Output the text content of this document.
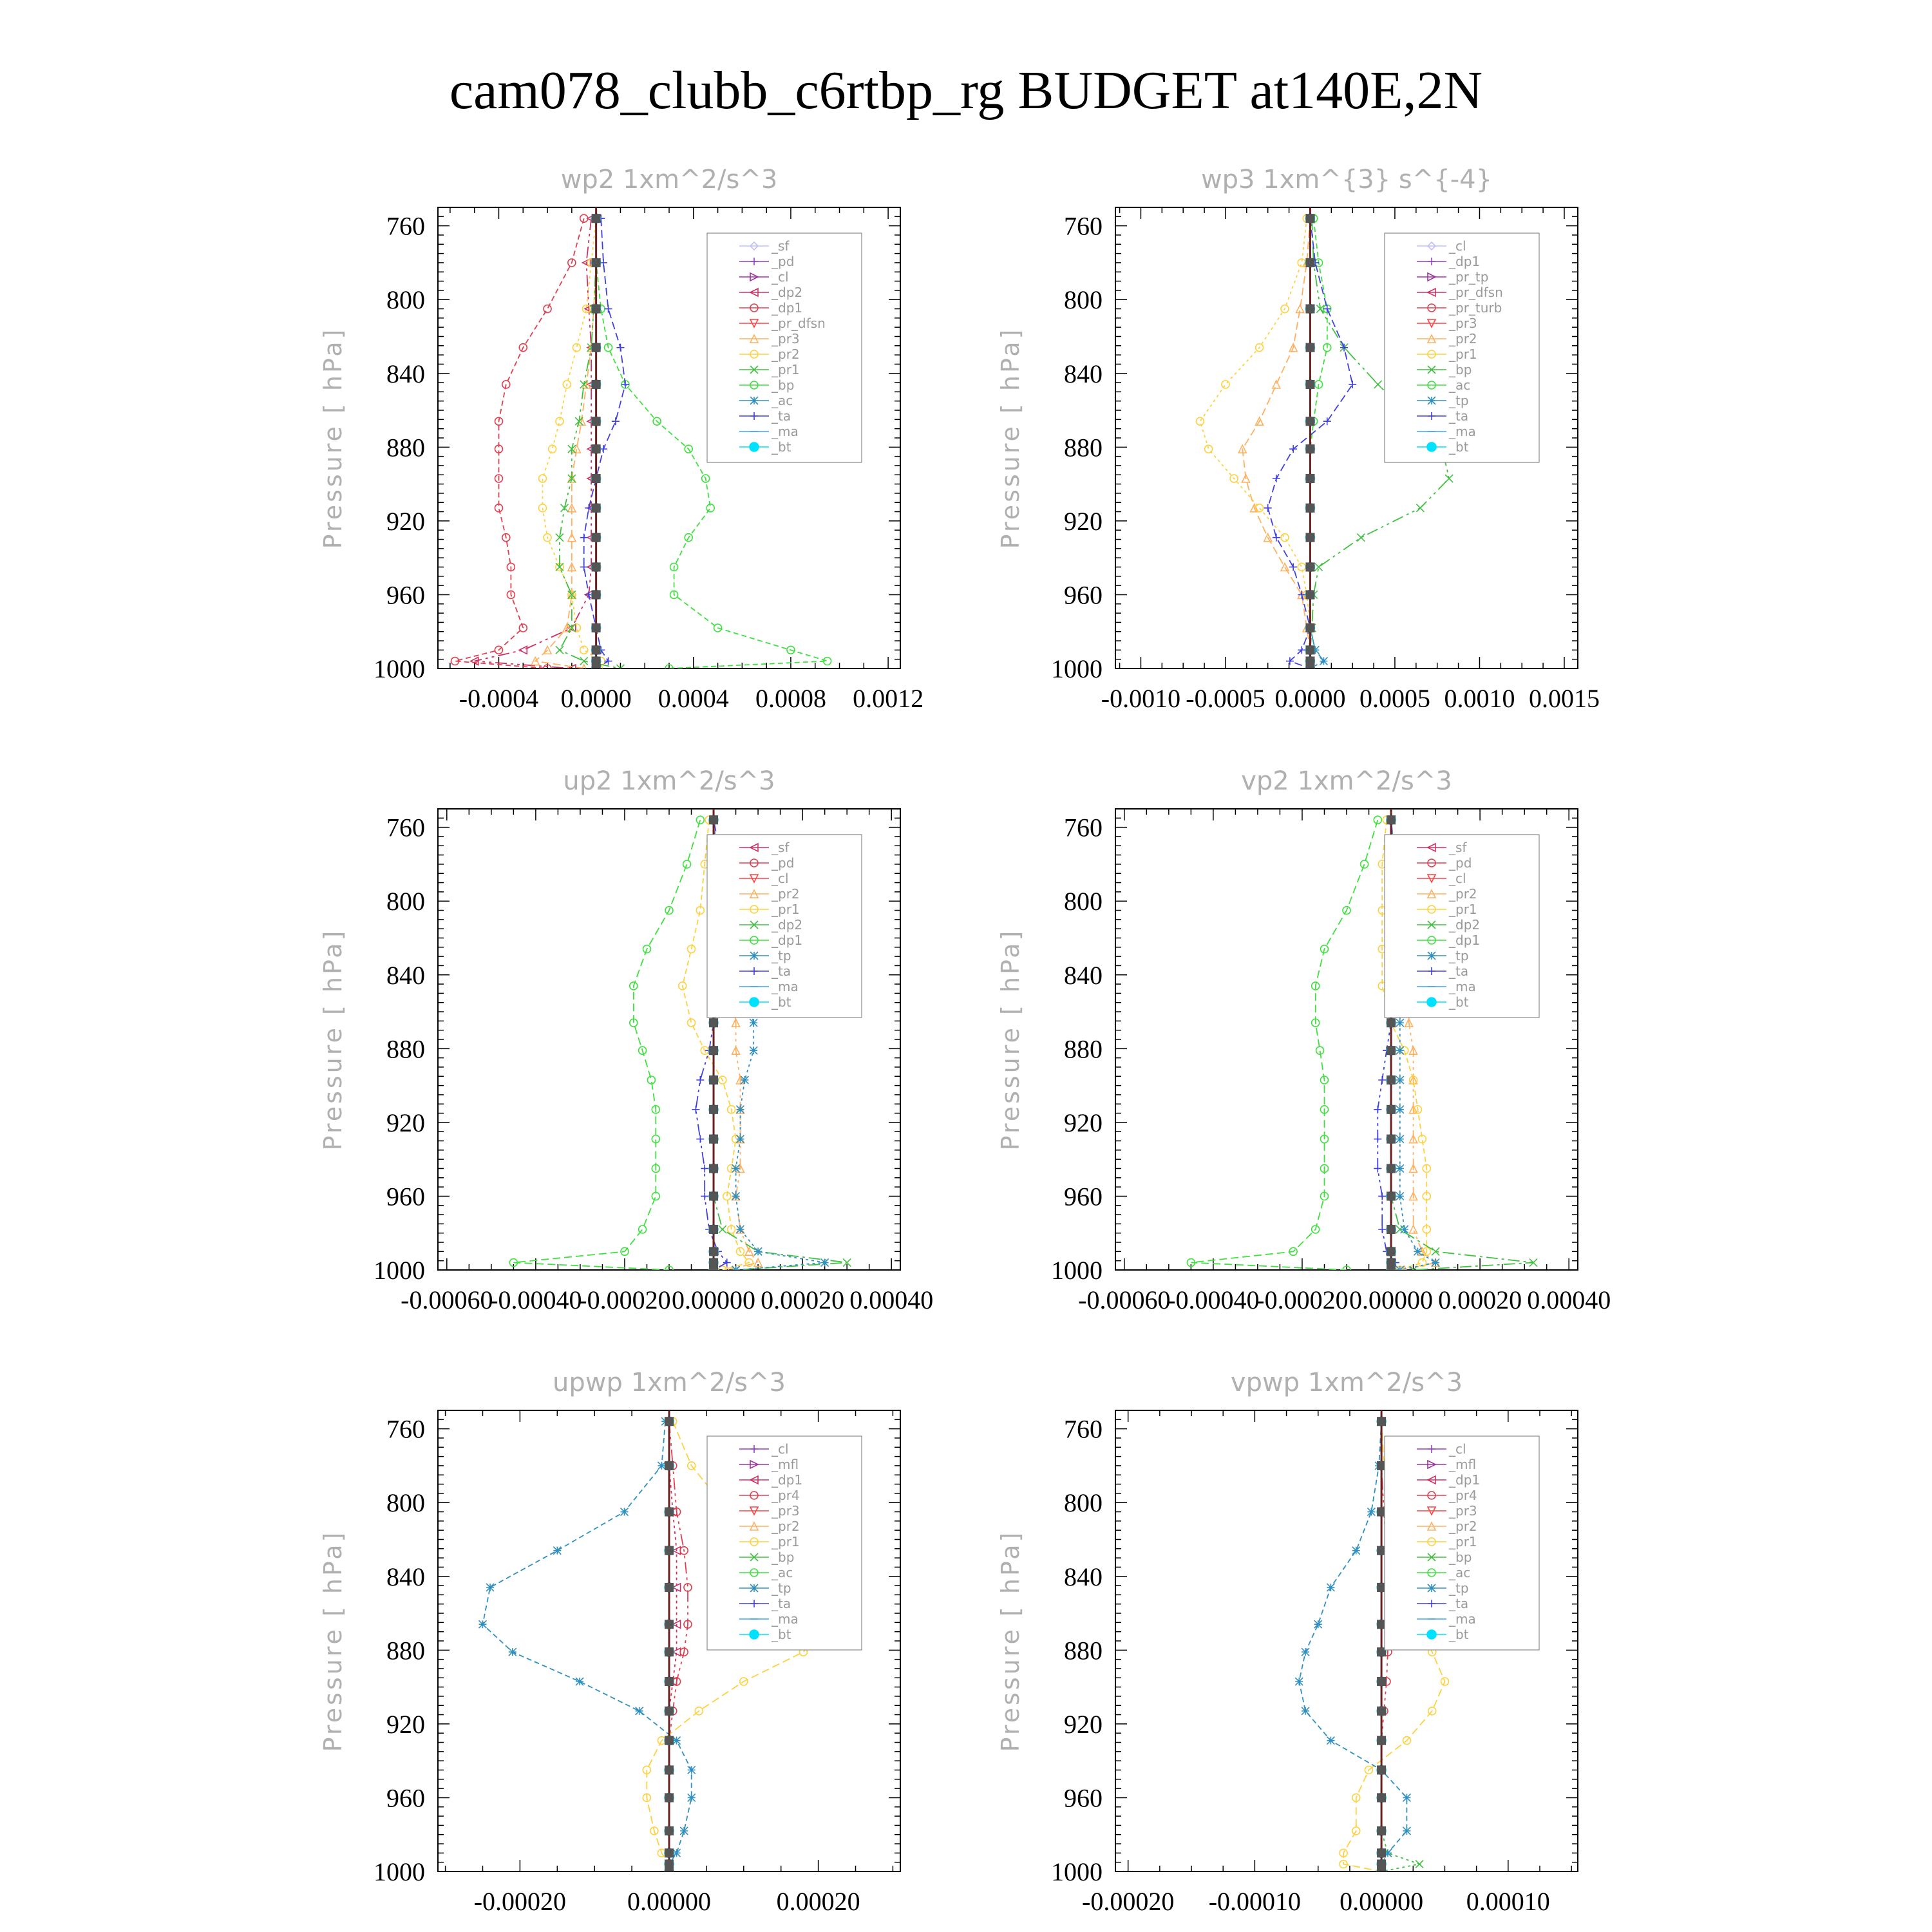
cam078_clubb_c6rtbp_rg BUDGET at140E,2N
wp2 1xm^2/s^3
Pressure [ hPa]
760
800
840
880
920
960
1000
-0.0004 0.0000 0.0004 0.0008 0.0012
_sf
_pd
_cl
_dp2
_dp1
_pr_dfsn
_pr3
_pr2
_pr1
_bp
_ac
_ta
_ma
_bt
wp3 1xm^{3} s^{-4}
Pressure [ hPa]
760
800
840
880
920
960
1000
-0.0010 -0.0005 0.0000 0.0005 0.0010 0.0015
_cl
_dp1
_pr_tp
_pr_dfsn
_pr_turb
_pr3
_pr2
_pr1
_bp
_ac
_tp
_ta
_ma
_bt
up2 1xm^2/s^3
Pressure [ hPa]
760
800
840
880
920
960
1000
-0.00060
-0.00040
-0.00020 0.00000 0.00020 0.00040
_sf
_pd
_cl
_pr2
_pr1
_dp2
_dp1
_tp
_ta
_ma
_bt
vp2 1xm^2/s^3
Pressure [ hPa]
760
800
840
880
920
960
1000
-0.00060
-0.00040
-0.00020 0.00000 0.00020 0.00040
_sf
_pd
_cl
_pr2
_pr1
_dp2
_dp1
_tp
_ta
_ma
_bt
upwp 1xm^2/s^3
Pressure [ hPa]
760
800
840
880
920
960
1000
-0.00020 0.00000	0.00020
_cl
_mfl
_dp1
_pr4
_pr3
_pr2
_pr1
_bp
_ac
_tp
_ta
_ma
_bt
vpwp 1xm^2/s^3
Pressure [ hPa]
760
800
840
880
920
960
1000
-0.00020 -0.00010 0.00000 0.00010
_cl
_mfl
_dp1
_pr4
_pr3
_pr2
_pr1
_bp
_ac
_tp
_ta
_ma
_bt
